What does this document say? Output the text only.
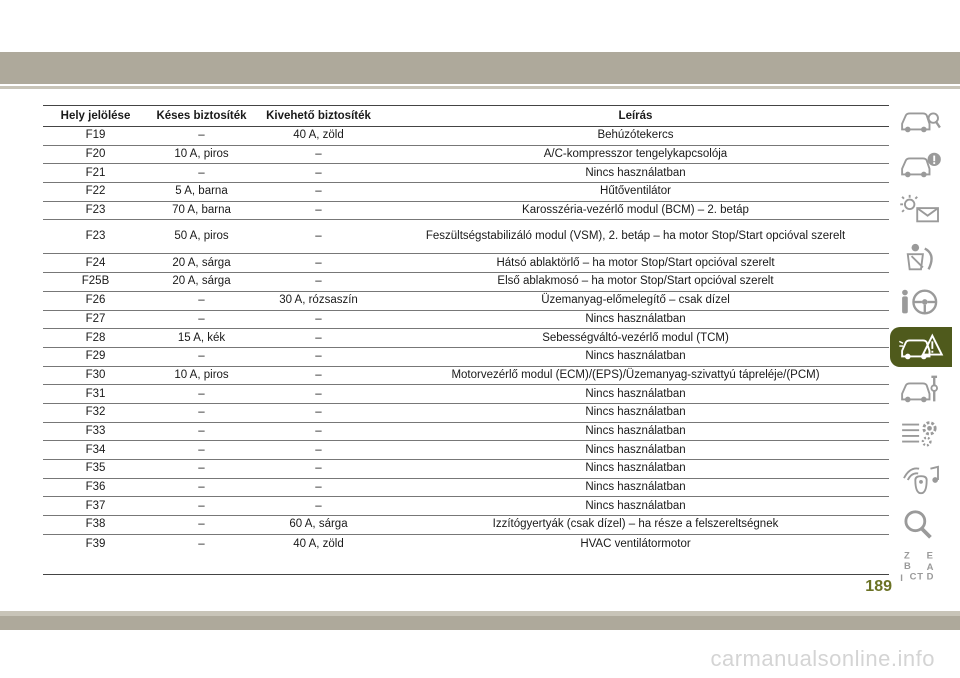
Hely jelölése	Késes biztosíték	Kivehető biztosíték	Leírás
F19	–	40 A, zöld	Behúzótekercs
F20	10 A, piros	–	A/C-kompresszor tengelykapcsolója
F21	–	–	Nincs használatban
F22	5 A, barna	–	Hűtőventilátor
F23	70 A, barna	–	Karosszéria-vezérlő modul (BCM) – 2. betáp
F23	50 A, piros	–	Feszültségstabilizáló modul (VSM), 2. betáp – ha motor Stop/Start opcióval szerelt
F24	20 A, sárga	–	Hátsó ablaktörlő – ha motor Stop/Start opcióval szerelt
F25B	20 A, sárga	–	Első ablakmosó – ha motor Stop/Start opcióval szerelt
F26	–	30 A, rózsaszín	Üzemanyag-előmelegítő – csak dízel
F27	–	–	Nincs használatban
F28	15 A, kék	–	Sebességváltó-vezérlő modul (TCM)
F29	–	–	Nincs használatban
F30	10 A, piros	–	Motorvezérlő modul (ECM)/(EPS)/Üzemanyag-szivattyú tápreléje/(PCM)
F31	–	–	Nincs használatban
F32	–	–	Nincs használatban
F33	–	–	Nincs használatban
F34	–	–	Nincs használatban
F35	–	–	Nincs használatban
F36	–	–	Nincs használatban
F37	–	–	Nincs használatban
F38	–	60 A, sárga	Izzítógyertyák (csak dízel) – ha része a felszereltségnek
F39	–	40 A, zöld	HVAC ventilátormotor
Z E
B A
C T D
I
189
carmanualsonline.info
